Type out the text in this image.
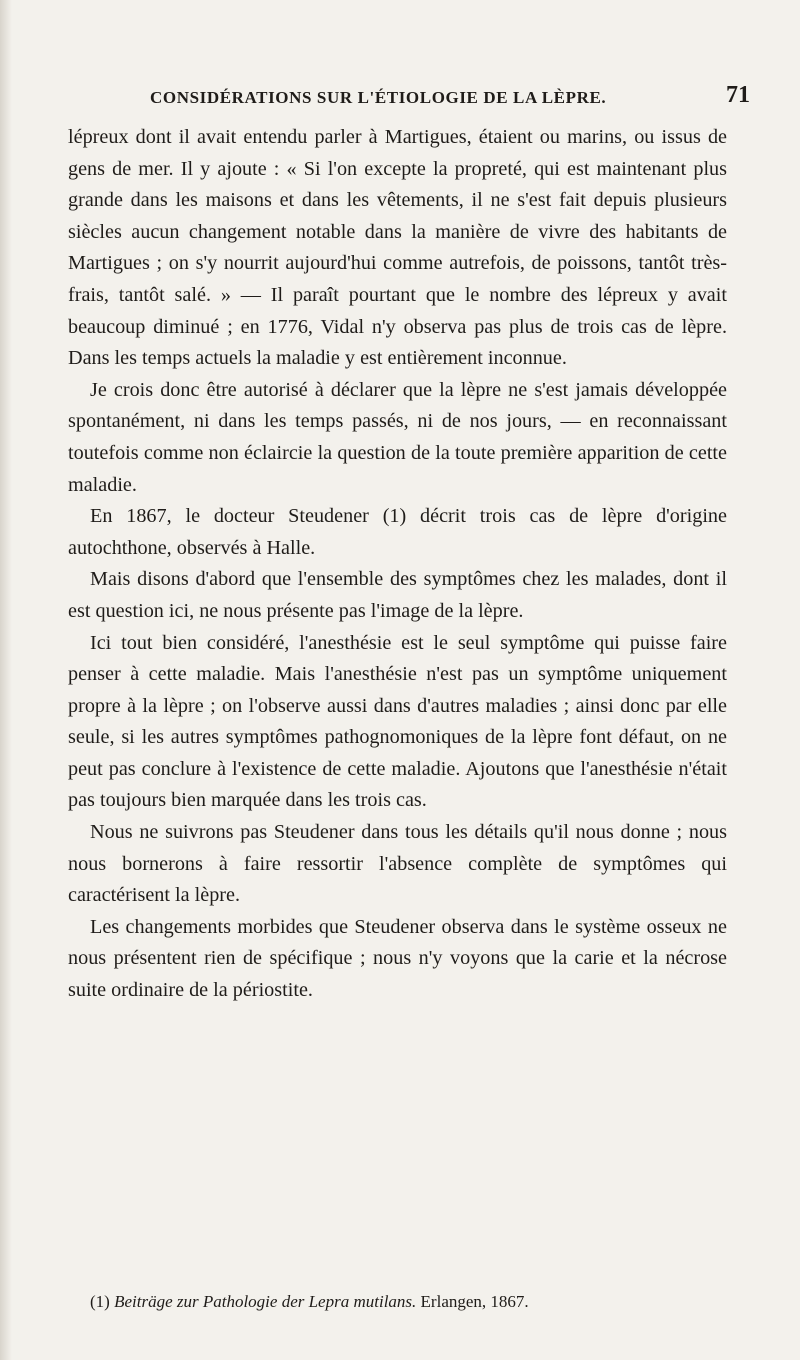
CONSIDÉRATIONS SUR L'ÉTIOLOGIE DE LA LÈPRE.	71

lépreux dont il avait entendu parler à Martigues, étaient ou marins, ou issus de gens de mer. Il y ajoute : « Si l'on excepte la propreté, qui est maintenant plus grande dans les maisons et dans les vêtements, il ne s'est fait depuis plusieurs siècles aucun changement notable dans la manière de vivre des habitants de Martigues ; on s'y nourrit aujourd'hui comme autrefois, de poissons, tantôt très-frais, tantôt salé. » — Il paraît pourtant que le nombre des lépreux y avait beaucoup diminué ; en 1776, Vidal n'y observa pas plus de trois cas de lèpre. Dans les temps actuels la maladie y est entièrement inconnue.

Je crois donc être autorisé à déclarer que la lèpre ne s'est jamais développée spontanément, ni dans les temps passés, ni de nos jours, — en reconnaissant toutefois comme non éclaircie la question de la toute première apparition de cette maladie.

En 1867, le docteur Steudener (1) décrit trois cas de lèpre d'origine autochthone, observés à Halle.

Mais disons d'abord que l'ensemble des symptômes chez les malades, dont il est question ici, ne nous présente pas l'image de la lèpre.

Ici tout bien considéré, l'anesthésie est le seul symptôme qui puisse faire penser à cette maladie. Mais l'anesthésie n'est pas un symptôme uniquement propre à la lèpre ; on l'observe aussi dans d'autres maladies ; ainsi donc par elle seule, si les autres symptômes pathognomoniques de la lèpre font défaut, on ne peut pas conclure à l'existence de cette maladie. Ajoutons que l'anesthésie n'était pas toujours bien marquée dans les trois cas.

Nous ne suivrons pas Steudener dans tous les détails qu'il nous donne ; nous nous bornerons à faire ressortir l'absence complète de symptômes qui caractérisent la lèpre.

Les changements morbides que Steudener observa dans le système osseux ne nous présentent rien de spécifique ; nous n'y voyons que la carie et la nécrose suite ordinaire de la périostite.

(1) Beiträge zur Pathologie der Lepra mutilans. Erlangen, 1867.
